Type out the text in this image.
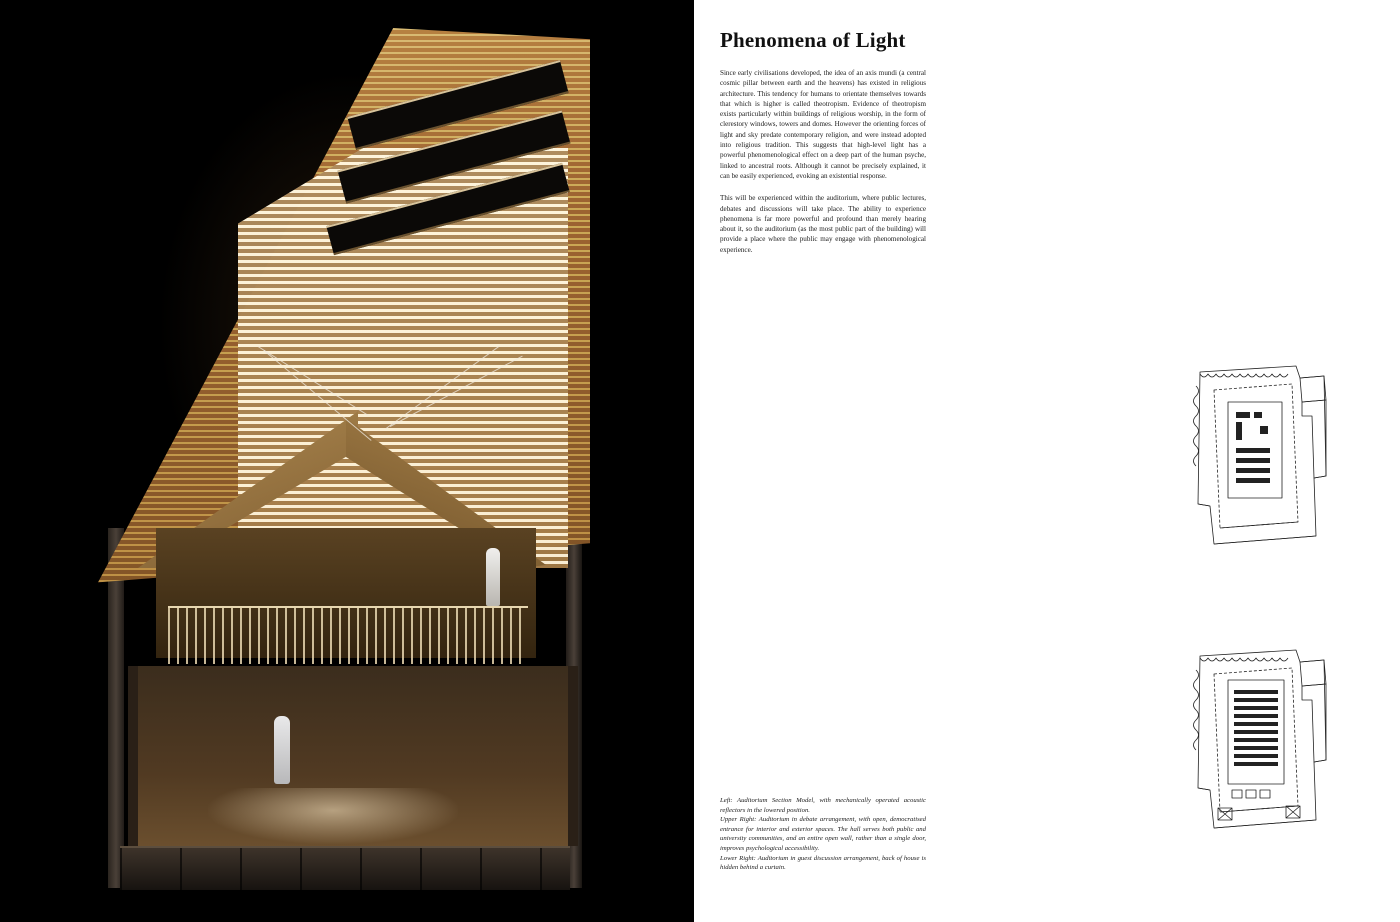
Phenomena of Light

Since early civilisations developed, the idea of an axis mundi (a central cosmic pillar between earth and the heavens) has existed in religious architecture. This tendency for humans to orientate themselves towards that which is higher is called theotropism. Evidence of theotropism exists particularly within buildings of religious worship, in the form of clerestory windows, towers and domes. However the orienting forces of light and sky predate contemporary religion, and were instead adopted into religious tradition. This suggests that high-level light has a powerful phenomenological effect on a deep part of the human psyche, linked to ancestral roots. Although it cannot be precisely explained, it can be easily experienced, evoking an existential response.

This will be experienced within the auditorium, where public lectures, debates and discussions will take place. The ability to experience phenomena is far more powerful and profound than merely hearing about it, so the auditorium (as the most public part of the building) will provide a place where the public may engage with phenomenological experience.

Left: Auditorium Section Model, with mechanically operated acoustic reflectors in the lowered position.

Upper Right: Auditorium in debate arrangement, with open, democratised entrance for interior and exterior spaces. The hall serves both public and university communities, and an entire open wall, rather than a single door, improves psychological accessibility.

Lower Right: Auditorium in guest discussion arrangement, back of house is hidden behind a curtain.
